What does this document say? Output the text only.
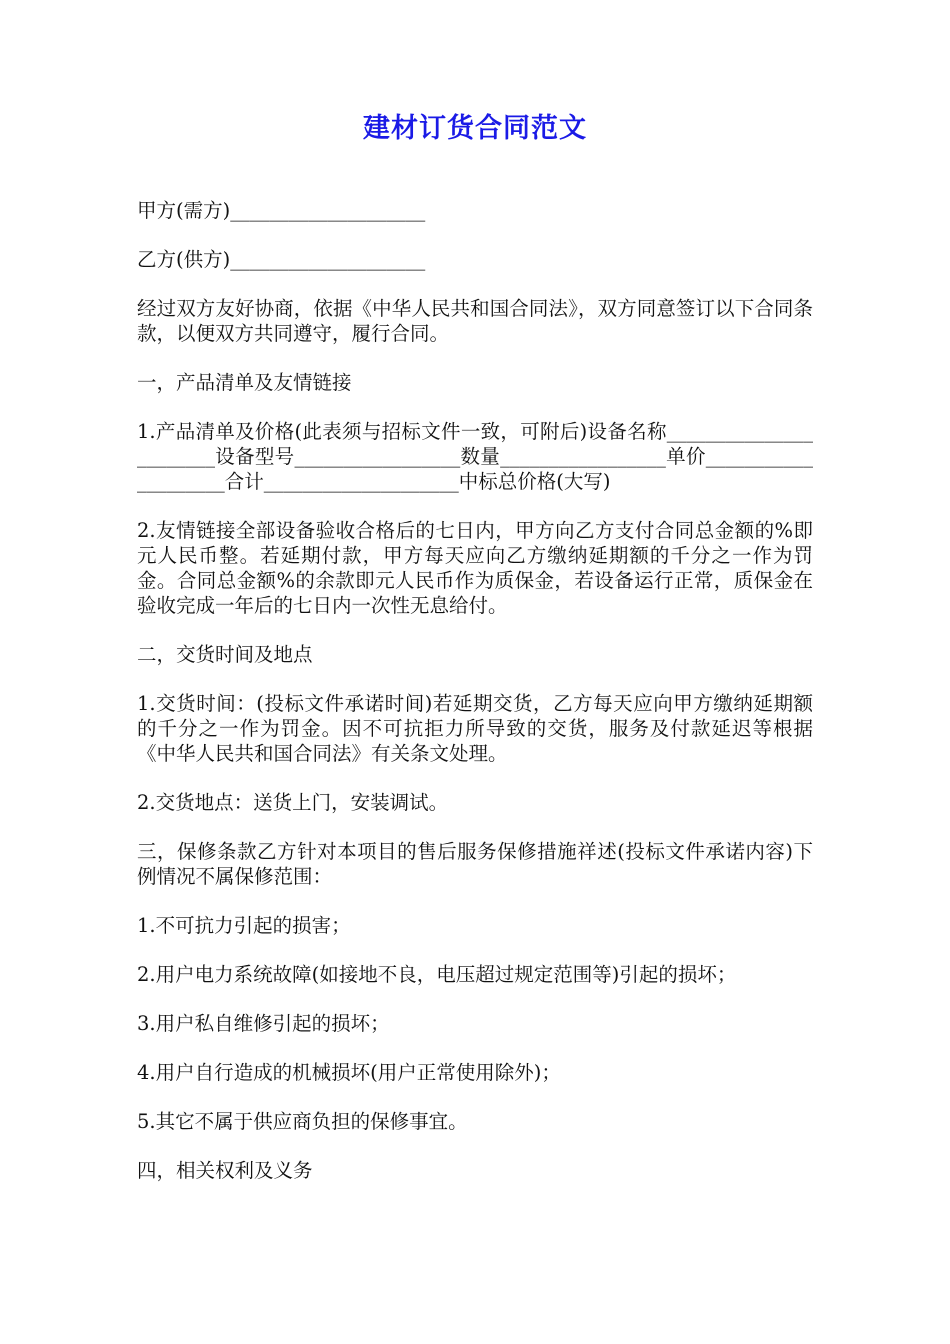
建材订货合同范文

甲方(需方)____________________

乙方(供方)____________________

经过双方友好协商，依据《中华人民共和国合同法》，双方同意签订以下合同条款，以便双方共同遵守，履行合同。

一，产品清单及友情链接

1.产品清单及价格(此表须与招标文件一致，可附后)设备名称_______________________设备型号_________________数量_________________单价____________________合计____________________中标总价格(大写)

2.友情链接全部设备验收合格后的七日内，甲方向乙方支付合同总金额的%即元人民币整。若延期付款，甲方每天应向乙方缴纳延期额的千分之一作为罚金。合同总金额%的余款即元人民币作为质保金，若设备运行正常，质保金在验收完成一年后的七日内一次性无息给付。

二，交货时间及地点

1.交货时间：(投标文件承诺时间)若延期交货，乙方每天应向甲方缴纳延期额的千分之一作为罚金。因不可抗拒力所导致的交货，服务及付款延迟等根据《中华人民共和国合同法》有关条文处理。

2.交货地点：送货上门，安装调试。

三，保修条款乙方针对本项目的售后服务保修措施祥述(投标文件承诺内容)下例情况不属保修范围：

1.不可抗力引起的损害；

2.用户电力系统故障(如接地不良，电压超过规定范围等)引起的损坏；

3.用户私自维修引起的损坏；

4.用户自行造成的机械损坏(用户正常使用除外)；

5.其它不属于供应商负担的保修事宜。

四，相关权利及义务
